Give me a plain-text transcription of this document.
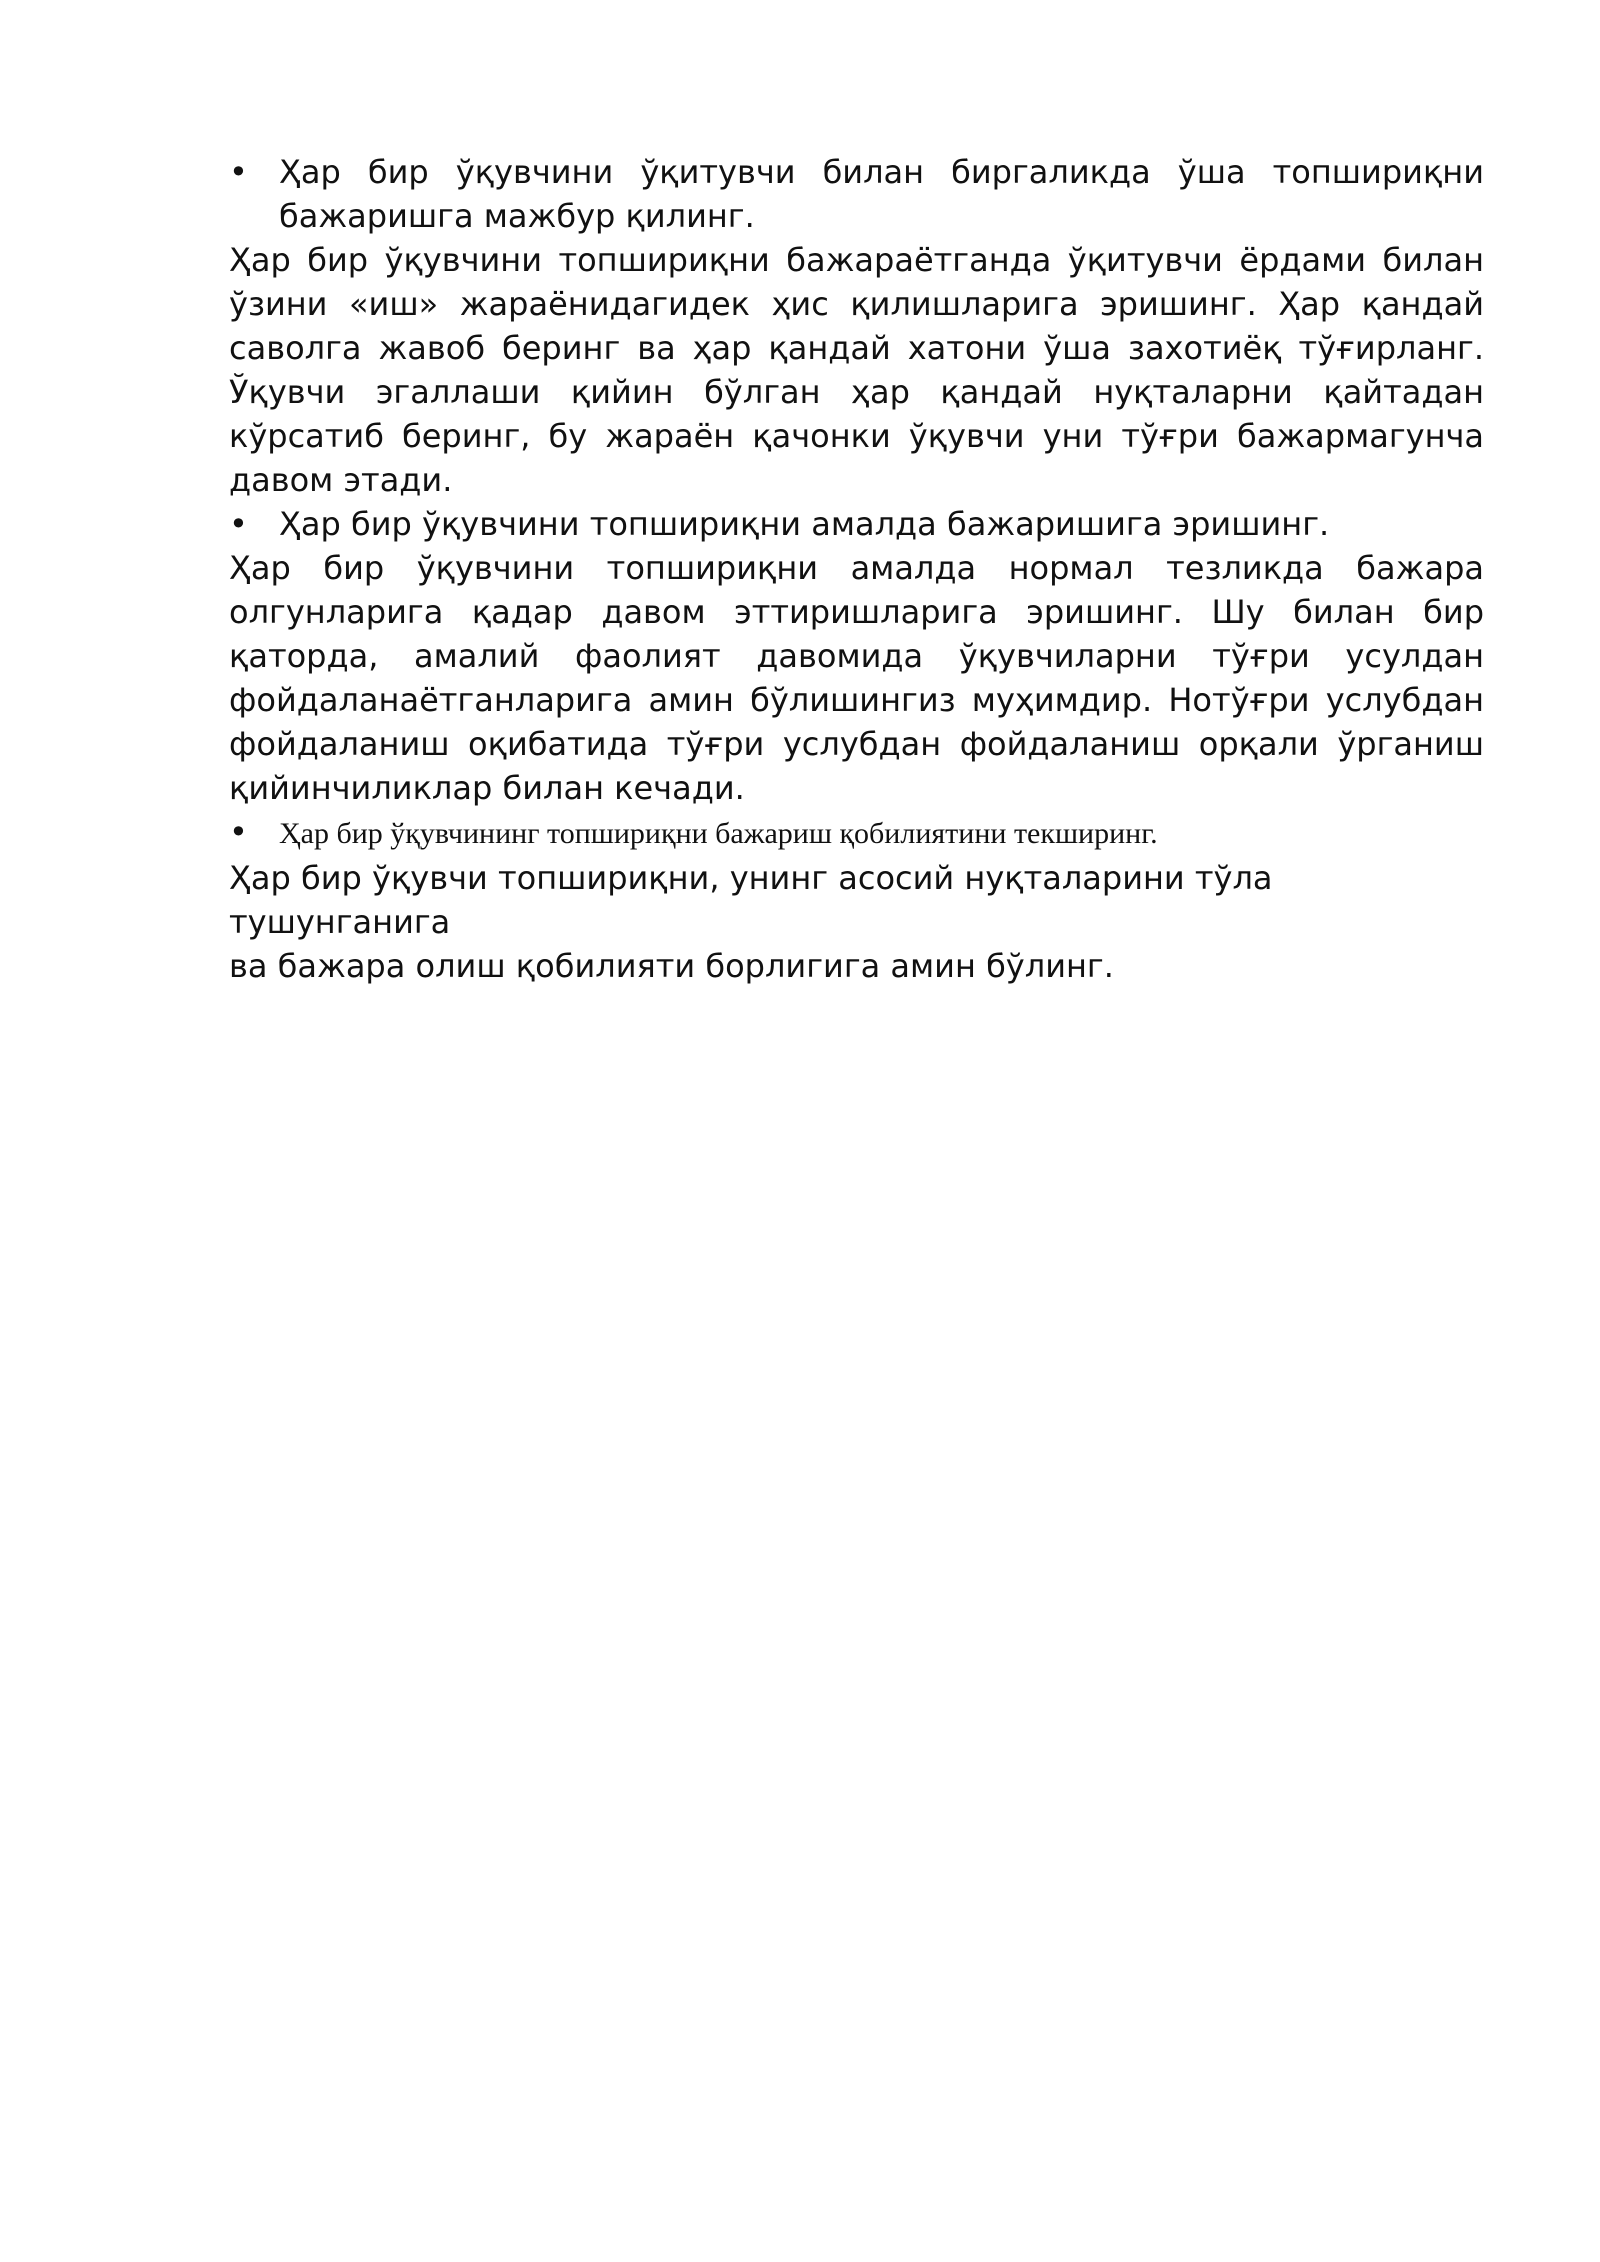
• Ҳар бир ўқувчини ўқитувчи билан биргаликда ўша топшириқни бажаришга мажбур қилинг.
Ҳар бир ўқувчини топшириқни бажараётганда ўқитувчи ёрдами билан ўзини «иш» жараёнидагидек ҳис қилишларига эришинг. Ҳар қандай саволга жавоб беринг ва ҳар қандай хатони ўша захотиёқ тўғирланг. Ўқувчи эгаллаши қийин бўлган ҳар қандай нуқталарни қайтадан кўрсатиб беринг, бу жараён қачонки ўқувчи уни тўғри бажармагунча давом этади.
• Ҳар бир ўқувчини топшириқни амалда бажаришига эришинг.
Ҳар бир ўқувчини топшириқни амалда нормал тезликда бажара олгунларига қадар давом эттиришларига эришинг. Шу билан бир қаторда, амалий фаолият давомида ўқувчиларни тўғри усулдан фойдаланаётганларига амин бўлишингиз муҳимдир. Нотўғри услубдан фойдаланиш оқибатида тўғри услубдан фойдаланиш орқали ўрганиш қийинчиликлар билан кечади.
•	Ҳар бир ўқувчининг топшириқни бажариш қобилиятини текширинг.
Ҳар бир ўқувчи топшириқни, унинг асосий нуқталарини тўла тушунганига
ва бажара олиш қобилияти борлигига амин бўлинг.
